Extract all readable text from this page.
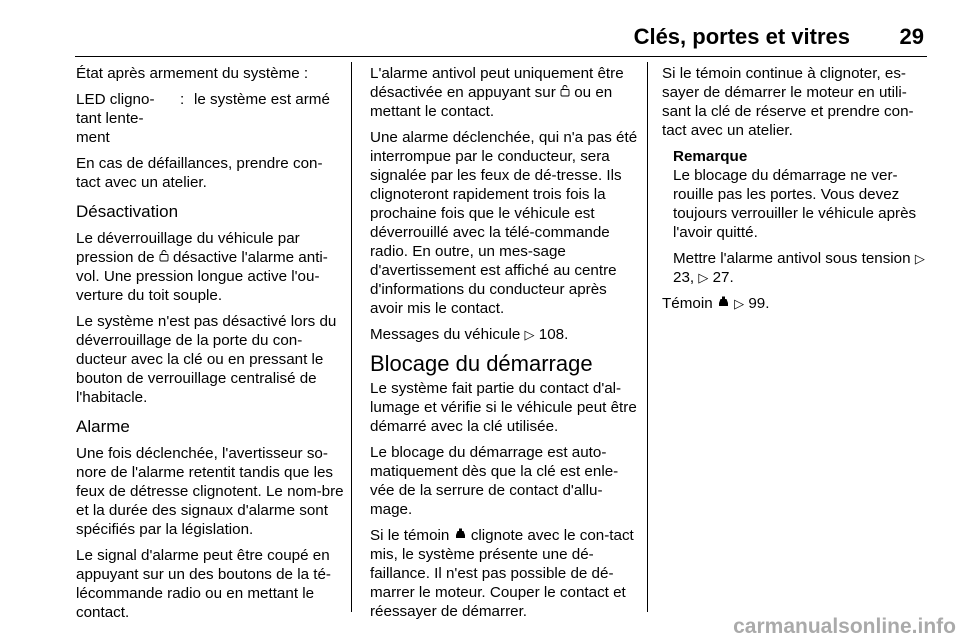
Clés, portes et vitres	29

État après armement du système :

LED cligno-
tant lente-
ment
: le système est armé

En cas de défaillances, prendre con-tact avec un atelier.

Désactivation

Le déverrouillage du véhicule par pression de désactive l'alarme anti-vol. Une pression longue active l'ou-verture du toit souple.

Le système n'est pas désactivé lors du déverrouillage de la porte du con-ducteur avec la clé ou en pressant le bouton de verrouillage centralisé de l'habitacle.

Alarme

Une fois déclenchée, l'avertisseur so-nore de l'alarme retentit tandis que les feux de détresse clignotent. Le nom-bre et la durée des signaux d'alarme sont spécifiés par la législation.

Le signal d'alarme peut être coupé en appuyant sur un des boutons de la té-lécommande radio ou en mettant le contact.

L'alarme antivol peut uniquement être désactivée en appuyant sur ou en mettant le contact.

Une alarme déclenchée, qui n'a pas été interrompue par le conducteur, sera signalée par les feux de dé-tresse. Ils clignoteront rapidement trois fois la prochaine fois que le véhicule est déverrouillé avec la télé-commande radio. En outre, un mes-sage d'avertissement est affiché au centre d'informations du conducteur après avoir mis le contact.

Messages du véhicule ▷ 108.

Blocage du démarrage

Le système fait partie du contact d'al-lumage et vérifie si le véhicule peut être démarré avec la clé utilisée.

Le blocage du démarrage est auto-matiquement dès que la clé est enle-vée de la serrure de contact d'allu-mage.

Si le témoin clignote avec le con-tact mis, le système présente une dé-faillance. Il n'est pas possible de dé-marrer le moteur. Couper le contact et réessayer de démarrer.

Si le témoin continue à clignoter, es-sayer de démarrer le moteur en utili-sant la clé de réserve et prendre con-tact avec un atelier.

Remarque

Le blocage du démarrage ne ver-rouille pas les portes. Vous devez toujours verrouiller le véhicule après l'avoir quitté.

Mettre l'alarme antivol sous tension ▷ 23, ▷ 27.

Témoin ▷ 99.

carmanualsonline.info
